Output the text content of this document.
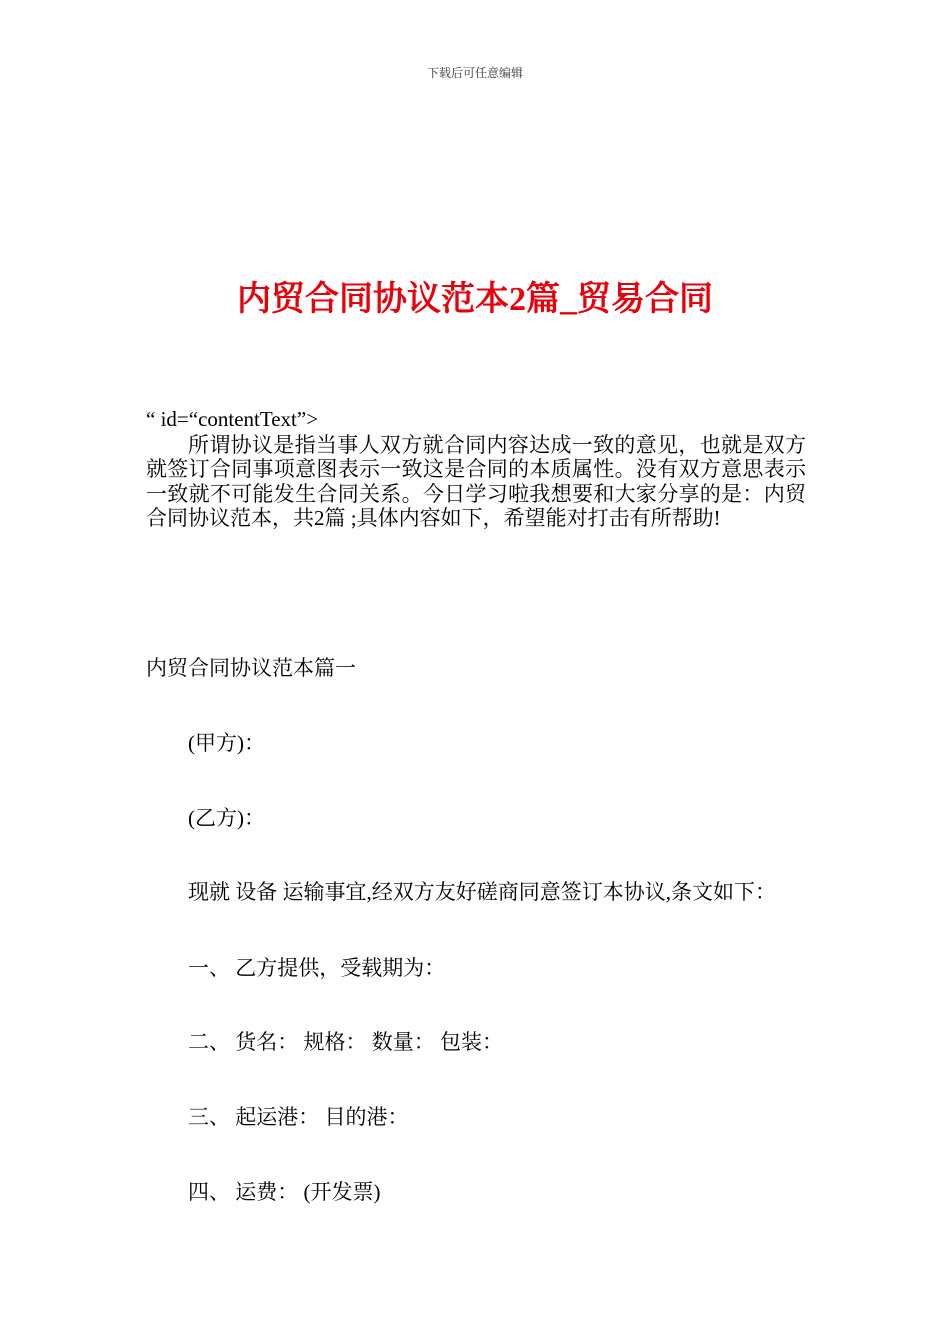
下载后可任意编辑
内贸合同协议范本2篇_贸易合同
“ id=“contentText”>

所谓协议是指当事人双方就合同内容达成一致的意见，也就是双方就签订合同事项意图表示一致这是合同的本质属性。没有双方意思表示一致就不可能发生合同关系。今日学习啦我想要和大家分享的是：内贸合同协议范本，共2篇 ;具体内容如下，希望能对打击有所帮助!

内贸合同协议范本篇一
(甲方)：
(乙方)：
现就 设备 运输事宜,经双方友好磋商同意签订本协议,条文如下：
一、 乙方提供，受载期为：
二、 货名： 规格： 数量： 包装：
三、 起运港： 目的港：
四、 运费： (开发票)
